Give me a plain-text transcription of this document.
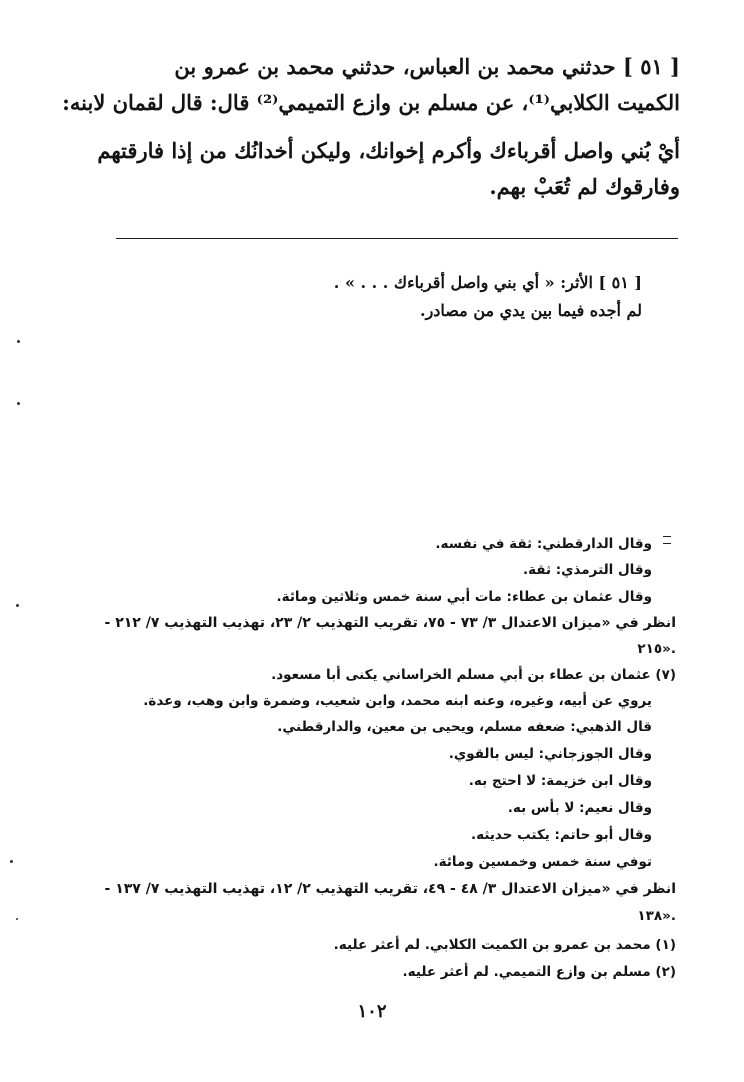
[ ٥١ ] حدثني محمد بن العباس، حدثني محمد بن عمرو بن
الكميت الكلابي⁽¹⁾، عن مسلم بن وازع التميمي⁽²⁾ قال: قال لقمان لابنه:
أيْ بُني واصل أقرباءك وأكرم إخوانك، وليكن أخدانُك من إذا فارقتهم
وفارقوك لم تُعَبْ بهم.
[ ٥١ ] الأثر: « أي بني واصل أقرباءك . . . » .
لم أجده فيما بين يدي من مصادر.
وقال الدارقطني: ثقة في نفسه.
وقال الترمذي: ثقة.
وقال عثمان بن عطاء: مات أبي سنة خمس وثلاثين ومائة.
انظر في «ميزان الاعتدال ٣/ ٧٣ - ٧٥، تقريب التهذيب ٢/ ٢٣، تهذيب التهذيب ٧/ ٢١٢ -
٢١٥».
(٧) عثمان بن عطاء بن أبي مسلم الخراساني يكنى أبا مسعود.
يروي عن أبيه، وغيره، وعنه ابنه محمد، وابن شعيب، وضمرة وابن وهب، وعدة.
قال الذهبي: ضعفه مسلم، ويحيى بن معين، والدارقطني.
وقال الجوزجاني: ليس بالقوي.
وقال ابن خزيمة: لا احتج به.
وقال نعيم: لا بأس به.
وقال أبو حاتم: يكتب حديثه.
توفي سنة خمس وخمسين ومائة.
انظر في «ميزان الاعتدال ٣/ ٤٨ - ٤٩، تقريب التهذيب ٢/ ١٢، تهذيب التهذيب ٧/ ١٣٧ -
١٣٨».
(١) محمد بن عمرو بن الكميت الكلابي. لم أعثر عليه.
(٢) مسلم بن وازع التميمي. لم أعثر عليه.
١٠٢
